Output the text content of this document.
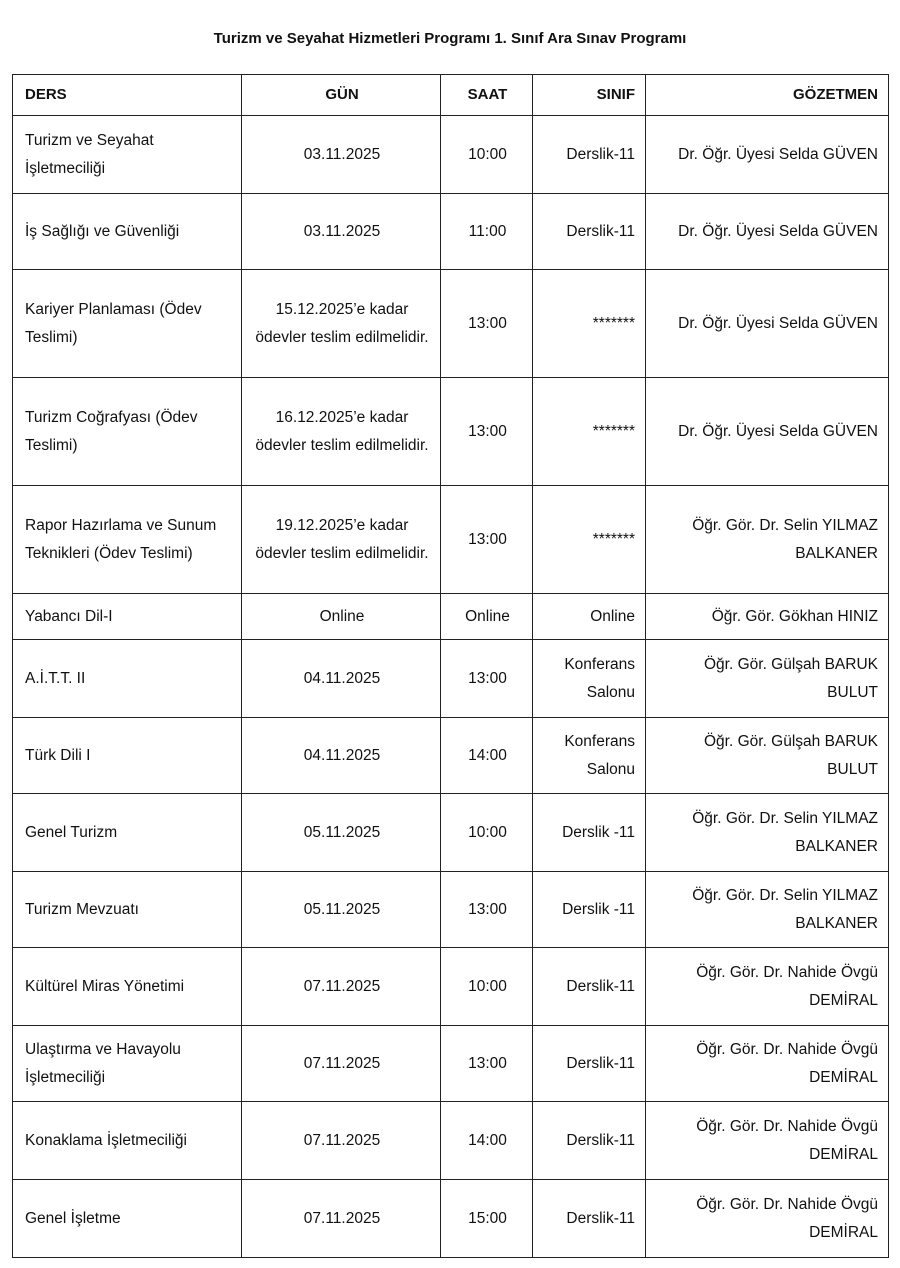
Turizm ve Seyahat Hizmetleri Programı 1. Sınıf Ara Sınav Programı
DERS	GÜN	SAAT	SINIF	GÖZETMEN
Turizm ve Seyahat İşletmeciliği	03.11.2025	10:00	Derslik-11	Dr. Öğr. Üyesi Selda GÜVEN
İş Sağlığı ve Güvenliği	03.11.2025	11:00	Derslik-11	Dr. Öğr. Üyesi Selda GÜVEN
Kariyer Planlaması (Ödev Teslimi)	15.12.2025’e kadar ödevler teslim edilmelidir.	13:00	*******	Dr. Öğr. Üyesi Selda GÜVEN
Turizm Coğrafyası (Ödev Teslimi)	16.12.2025’e kadar ödevler teslim edilmelidir.	13:00	*******	Dr. Öğr. Üyesi Selda GÜVEN
Rapor Hazırlama ve Sunum Teknikleri (Ödev Teslimi)	19.12.2025’e kadar ödevler teslim edilmelidir.	13:00	*******	Öğr. Gör. Dr. Selin YILMAZ BALKANER
Yabancı Dil-I	Online	Online	Online	Öğr. Gör. Gökhan HINIZ
A.İ.T.T. II	04.11.2025	13:00	Konferans Salonu	Öğr. Gör. Gülşah BARUK BULUT
Türk Dili I	04.11.2025	14:00	Konferans Salonu	Öğr. Gör. Gülşah BARUK BULUT
Genel Turizm	05.11.2025	10:00	Derslik -11	Öğr. Gör. Dr. Selin YILMAZ BALKANER
Turizm Mevzuatı	05.11.2025	13:00	Derslik -11	Öğr. Gör. Dr. Selin YILMAZ BALKANER
Kültürel Miras Yönetimi	07.11.2025	10:00	Derslik-11	Öğr. Gör. Dr. Nahide Övgü DEMİRAL
Ulaştırma ve Havayolu İşletmeciliği	07.11.2025	13:00	Derslik-11	Öğr. Gör. Dr. Nahide Övgü DEMİRAL
Konaklama İşletmeciliği	07.11.2025	14:00	Derslik-11	Öğr. Gör. Dr. Nahide Övgü DEMİRAL
Genel İşletme	07.11.2025	15:00	Derslik-11	Öğr. Gör. Dr. Nahide Övgü DEMİRAL
